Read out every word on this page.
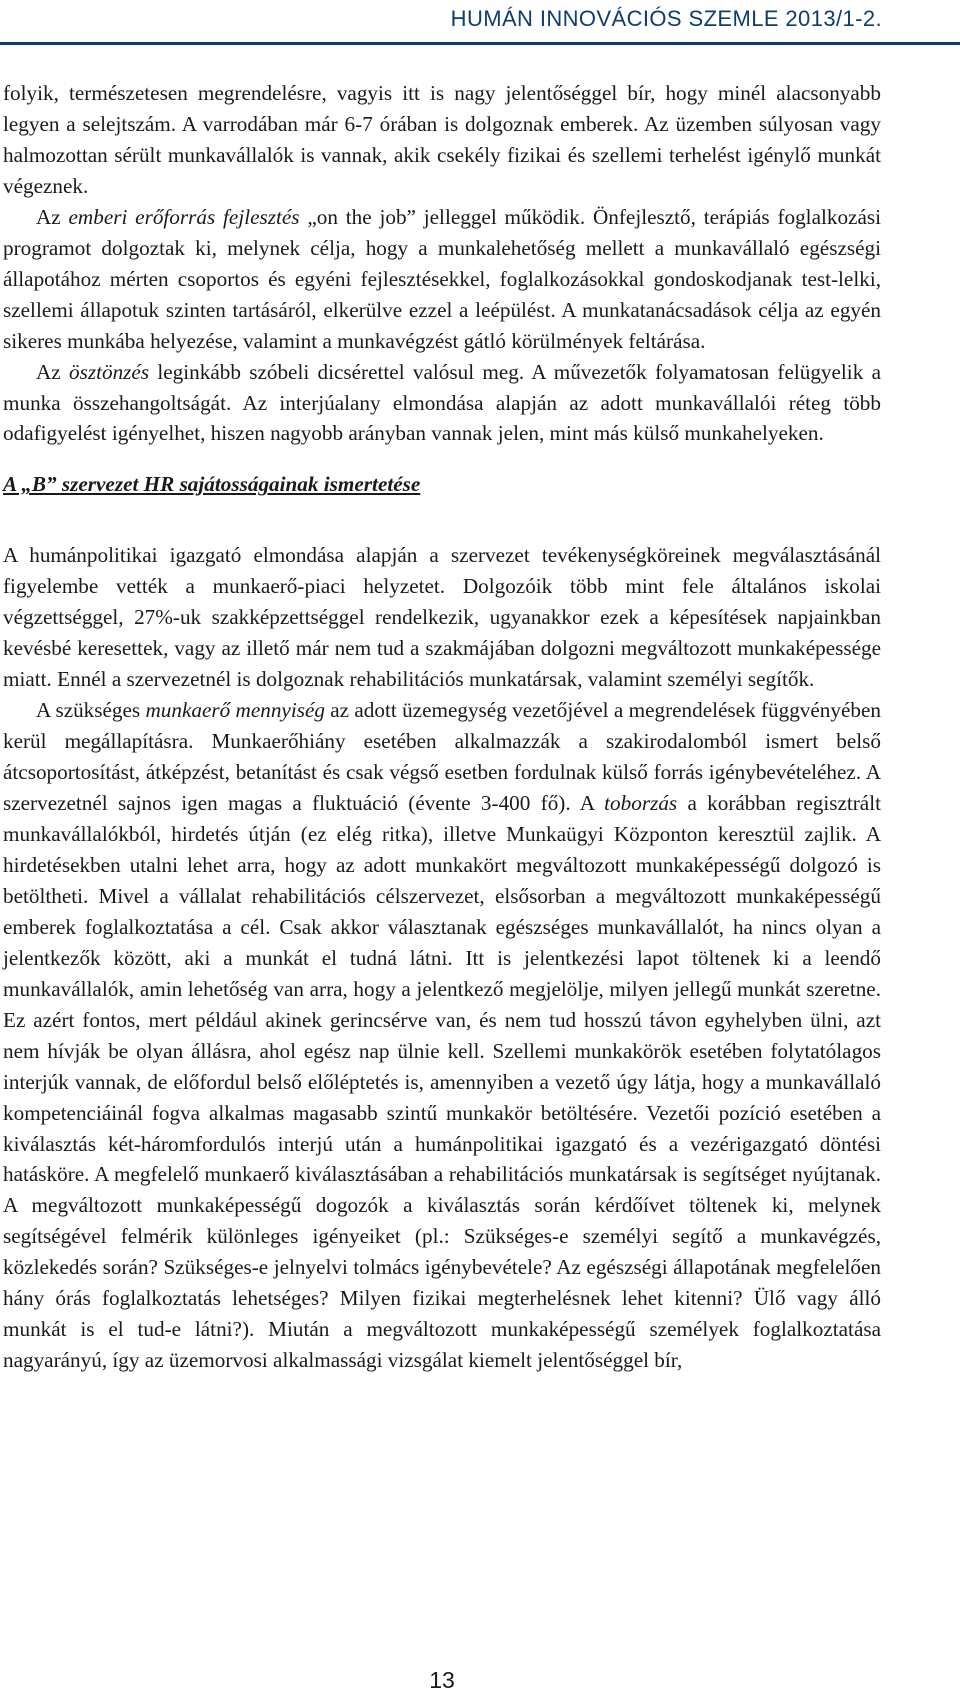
HUMÁN INNOVÁCIÓS SZEMLE 2013/1-2.

folyik, természetesen megrendelésre, vagyis itt is nagy jelentőséggel bír, hogy minél alacsonyabb legyen a selejtszám. A varrodában már 6-7 órában is dolgoznak emberek. Az üzemben súlyosan vagy halmozottan sérült munkavállalók is vannak, akik csekély fizikai és szellemi terhelést igénylő munkát végeznek.

Az emberi erőforrás fejlesztés „on the job” jelleggel működik. Önfejlesztő, terápiás foglalkozási programot dolgoztak ki, melynek célja, hogy a munkalehetőség mellett a munkavállaló egészségi állapotához mérten csoportos és egyéni fejlesztésekkel, foglalkozásokkal gondoskodjanak test-lelki, szellemi állapotuk szinten tartásáról, elkerülve ezzel a leépülést. A munkatanácsadások célja az egyén sikeres munkába helyezése, valamint a munkavégzést gátló körülmények feltárása.

Az ösztönzés leginkább szóbeli dicsérettel valósul meg. A művezetők folyamatosan felügyelik a munka összehangoltságát. Az interjúalany elmondása alapján az adott munkavállalói réteg több odafigyelést igényelhet, hiszen nagyobb arányban vannak jelen, mint más külső munkahelyeken.

A „B” szervezet HR sajátosságainak ismertetése

A humánpolitikai igazgató elmondása alapján a szervezet tevékenységköreinek megválasztásánál figyelembe vették a munkaerő-piaci helyzetet. Dolgozóik több mint fele általános iskolai végzettséggel, 27%-uk szakképzettséggel rendelkezik, ugyanakkor ezek a képesítések napjainkban kevésbé keresettek, vagy az illető már nem tud a szakmájában dolgozni megváltozott munkaképessége miatt. Ennél a szervezetnél is dolgoznak rehabilitációs munkatársak, valamint személyi segítők.

A szükséges munkaerő mennyiség az adott üzemegység vezetőjével a megrendelések függvényében kerül megállapításra. Munkaerőhiány esetében alkalmazzák a szakirodalomból ismert belső átcsoportosítást, átképzést, betanítást és csak végső esetben fordulnak külső forrás igénybevételéhez. A szervezetnél sajnos igen magas a fluktuáció (évente 3-400 fő). A toborzás a korábban regisztrált munkavállalókból, hirdetés útján (ez elég ritka), illetve Munkaügyi Központon keresztül zajlik. A hirdetésekben utalni lehet arra, hogy az adott munkakört megváltozott munkaképességű dolgozó is betöltheti. Mivel a vállalat rehabilitációs célszervezet, elsősorban a megváltozott munkaképességű emberek foglalkoztatása a cél. Csak akkor választanak egészséges munkavállalót, ha nincs olyan a jelentkezők között, aki a munkát el tudná látni. Itt is jelentkezési lapot töltenek ki a leendő munkavállalók, amin lehetőség van arra, hogy a jelentkező megjelölje, milyen jellegű munkát szeretne. Ez azért fontos, mert például akinek gerincsérve van, és nem tud hosszú távon egyhelyben ülni, azt nem hívják be olyan állásra, ahol egész nap ülnie kell. Szellemi munkakörök esetében folytatólagos interjúk vannak, de előfordul belső előléptetés is, amennyiben a vezető úgy látja, hogy a munkavállaló kompetenciáinál fogva alkalmas magasabb szintű munkakör betöltésére. Vezetői pozíció esetében a kiválasztás két-háromfordulós interjú után a humánpolitikai igazgató és a vezérigazgató döntési hatásköre. A megfelelő munkaerő kiválasztásában a rehabilitációs munkatársak is segítséget nyújtanak. A megváltozott munkaképességű dogozók a kiválasztás során kérdőívet töltenek ki, melynek segítségével felmérik különleges igényeiket (pl.: Szükséges-e személyi segítő a munkavégzés, közlekedés során? Szükséges-e jelnyelvi tolmács igénybevétele? Az egészségi állapotának megfelelően hány órás foglalkoztatás lehetséges? Milyen fizikai megterhelésnek lehet kitenni? Ülő vagy álló munkát is el tud-e látni?). Miután a megváltozott munkaképességű személyek foglalkoztatása nagyarányú, így az üzemorvosi alkalmassági vizsgálat kiemelt jelentőséggel bír,

13
